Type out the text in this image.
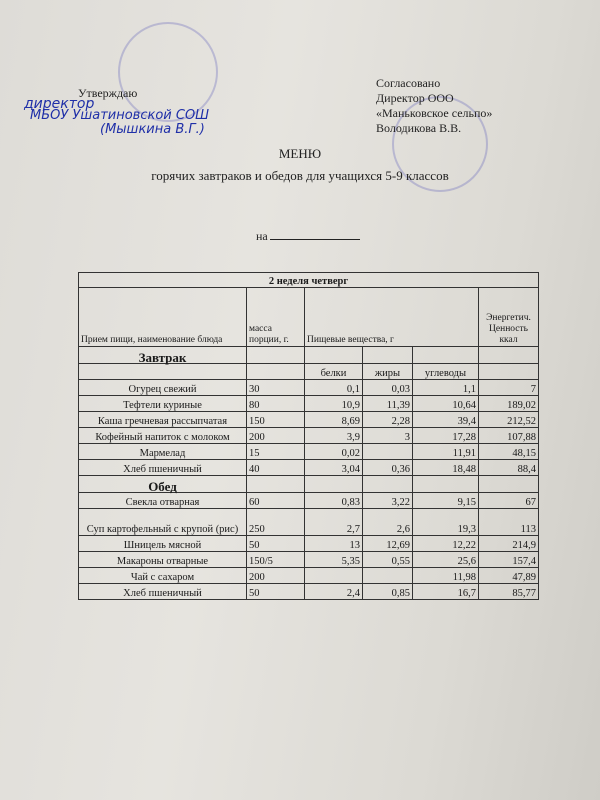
Утверждаю
директор
МБОУ Ушатиновской СОШ
(Мышкина В.Г.)
Согласовано
Директор ООО
«Маньковское сельпо»
Володикова В.В.
МЕНЮ
горячих завтраков и обедов для учащихся 5-9 классов
на
2 неделя четверг					
Прием пищи, наименование блюда	масса порции, г.	Пищевые вещества, г			Энергетич. Ценность ккал
Завтрак					
		белки	жиры	углеводы	
Огурец свежий	30	0,1	0,03	1,1	7
Тефтели куриные	80	10,9	11,39	10,64	189,02
Каша гречневая рассыпчатая	150	8,69	2,28	39,4	212,52
Кофейный напиток с молоком	200	3,9	3	17,28	107,88
Мармелад	15	0,02		11,91	48,15
Хлеб пшеничный	40	3,04	0,36	18,48	88,4
Обед					
Свекла отварная	60	0,83	3,22	9,15	67
Суп картофельный с крупой (рис)	250	2,7	2,6	19,3	113
Шницель мясной	50	13	12,69	12,22	214,9
Макароны отварные	150/5	5,35	0,55	25,6	157,4
Чай с сахаром	200			11,98	47,89
Хлеб пшеничный	50	2,4	0,85	16,7	85,77
